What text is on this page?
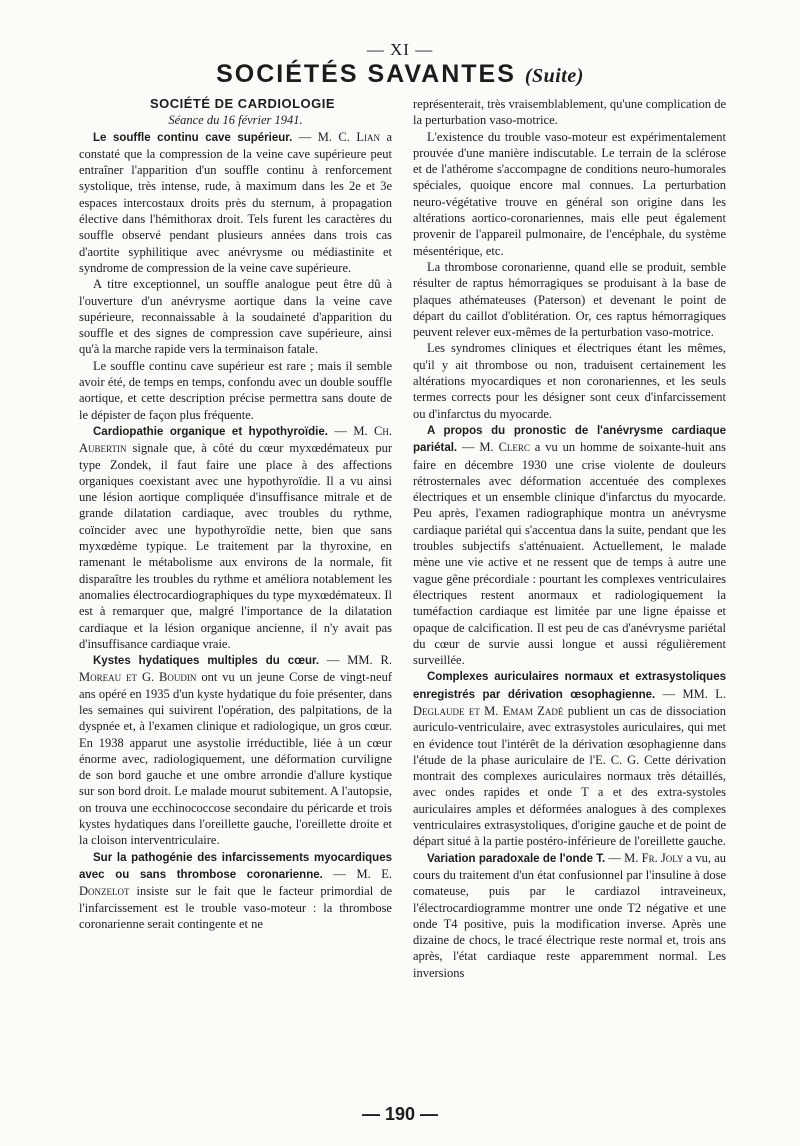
— XI —
SOCIÉTÉS SAVANTES (Suite)

SOCIÉTÉ DE CARDIOLOGIE

Séance du 16 février 1941.

Le souffle continu cave supérieur. — M. C. Lian a constaté que la compression de la veine cave supérieure peut entraîner l'apparition d'un souffle continu à renforcement systolique, très intense, rude, à maximum dans les 2e et 3e espaces intercostaux droits près du sternum, à propagation élective dans l'hémithorax droit. Tels furent les caractères du souffle observé pendant plusieurs années dans trois cas d'aortite syphilitique avec anévrysme ou médiastinite et syndrome de compression de la veine cave supérieure.

A titre exceptionnel, un souffle analogue peut être dû à l'ouverture d'un anévrysme aortique dans la veine cave supérieure, reconnaissable à la soudaineté d'apparition du souffle et des signes de compression cave supérieure, ainsi qu'à la marche rapide vers la terminaison fatale.

Le souffle continu cave supérieur est rare ; mais il semble avoir été, de temps en temps, confondu avec un double souffle aortique, et cette description précise permettra sans doute de le dépister de façon plus fréquente.

Cardiopathie organique et hypothyroïdie. — M. Ch. Aubertin signale que, à côté du cœur myxœdémateux pur type Zondek, il faut faire une place à des affections organiques coexistant avec une hypothyroïdie. Il a vu ainsi une lésion aortique compliquée d'insuffisance mitrale et de grande dilatation cardiaque, avec troubles du rythme, coïncider avec une hypothyroïdie nette, bien que sans myxœdème typique. Le traitement par la thyroxine, en ramenant le métabolisme aux environs de la normale, fit disparaître les troubles du rythme et améliora notablement les anomalies électrocardiographiques du type myxœdémateux. Il est à remarquer que, malgré l'importance de la dilatation cardiaque et la lésion organique ancienne, il n'y avait pas d'insuffisance cardiaque vraie.

Kystes hydatiques multiples du cœur. — MM. R. Moreau et G. Boudin ont vu un jeune Corse de vingt-neuf ans opéré en 1935 d'un kyste hydatique du foie présenter, dans les semaines qui suivirent l'opération, des palpitations, de la dyspnée et, à l'examen clinique et radiologique, un gros cœur. En 1938 apparut une asystolie irréductible, liée à un cœur énorme avec, radiologiquement, une déformation curviligne de son bord gauche et une ombre arrondie d'allure kystique sur son bord droit. Le malade mourut subitement. A l'autopsie, on trouva une ecchinococcose secondaire du péricarde et trois kystes hydatiques dans l'oreillette gauche, l'oreillette droite et la cloison interventriculaire.

Sur la pathogénie des infarcissements myocardiques avec ou sans thrombose coronarienne. — M. E. Donzelot insiste sur le fait que le facteur primordial de l'infarcissement est le trouble vaso-moteur : la thrombose coronarienne serait contingente et ne

représenterait, très vraisemblablement, qu'une complication de la perturbation vaso-motrice.

L'existence du trouble vaso-moteur est expérimentalement prouvée d'une manière indiscutable. Le terrain de la sclérose et de l'athérome s'accompagne de conditions neuro-humorales spéciales, quoique encore mal connues. La perturbation neuro-végétative trouve en général son origine dans les altérations aortico-coronariennes, mais elle peut également provenir de l'appareil pulmonaire, de l'encéphale, du système mésentérique, etc.

La thrombose coronarienne, quand elle se produit, semble résulter de raptus hémorragiques se produisant à la base de plaques athémateuses (Paterson) et devenant le point de départ du caillot d'oblitération. Or, ces raptus hémorragiques peuvent relever eux-mêmes de la perturbation vaso-motrice.

Les syndromes cliniques et électriques étant les mêmes, qu'il y ait thrombose ou non, traduisent certainement les altérations myocardiques et non coronariennes, et les seuls termes corrects pour les désigner sont ceux d'infarcissement ou d'infarctus du myocarde.

A propos du pronostic de l'anévrysme cardiaque pariétal. — M. Clerc a vu un homme de soixante-huit ans faire en décembre 1930 une crise violente de douleurs rétrosternales avec déformation accentuée des complexes électriques et un ensemble clinique d'infarctus du myocarde. Peu après, l'examen radiographique montra un anévrysme cardiaque pariétal qui s'accentua dans la suite, pendant que les troubles subjectifs s'atténuaient. Actuellement, le malade mène une vie active et ne ressent que de temps à autre une vague gêne précordiale : pourtant les complexes ventriculaires électriques restent anormaux et radiologiquement la tuméfaction cardiaque est limitée par une ligne épaisse et opaque de calcification. Il est peu de cas d'anévrysme pariétal du cœur de survie aussi longue et aussi régulièrement surveillée.

Complexes auriculaires normaux et extrasystoliques enregistrés par dérivation œsophagienne. — MM. L. Deglaude et M. Emam Zadé publient un cas de dissociation auriculo-ventriculaire, avec extrasystoles auriculaires, qui met en évidence tout l'intérêt de la dérivation œsophagienne dans l'étude de la phase auriculaire de l'E. C. G. Cette dérivation montrait des complexes auriculaires normaux très détaillés, avec ondes rapides et onde T a et des extra-systoles auriculaires amples et déformées analogues à des complexes ventriculaires extrasystoliques, d'origine gauche et de point de départ situé à la partie postéro-inférieure de l'oreillette gauche.

Variation paradoxale de l'onde T. — M. Fr. Joly a vu, au cours du traitement d'un état confusionnel par l'insuline à dose comateuse, puis par le cardiazol intraveineux, l'électrocardiogramme montrer une onde T2 négative et une onde T4 positive, puis la modification inverse. Après une dizaine de chocs, le tracé électrique reste normal et, trois ans après, l'état cardiaque reste apparemment normal. Les inversions

— 190 —
